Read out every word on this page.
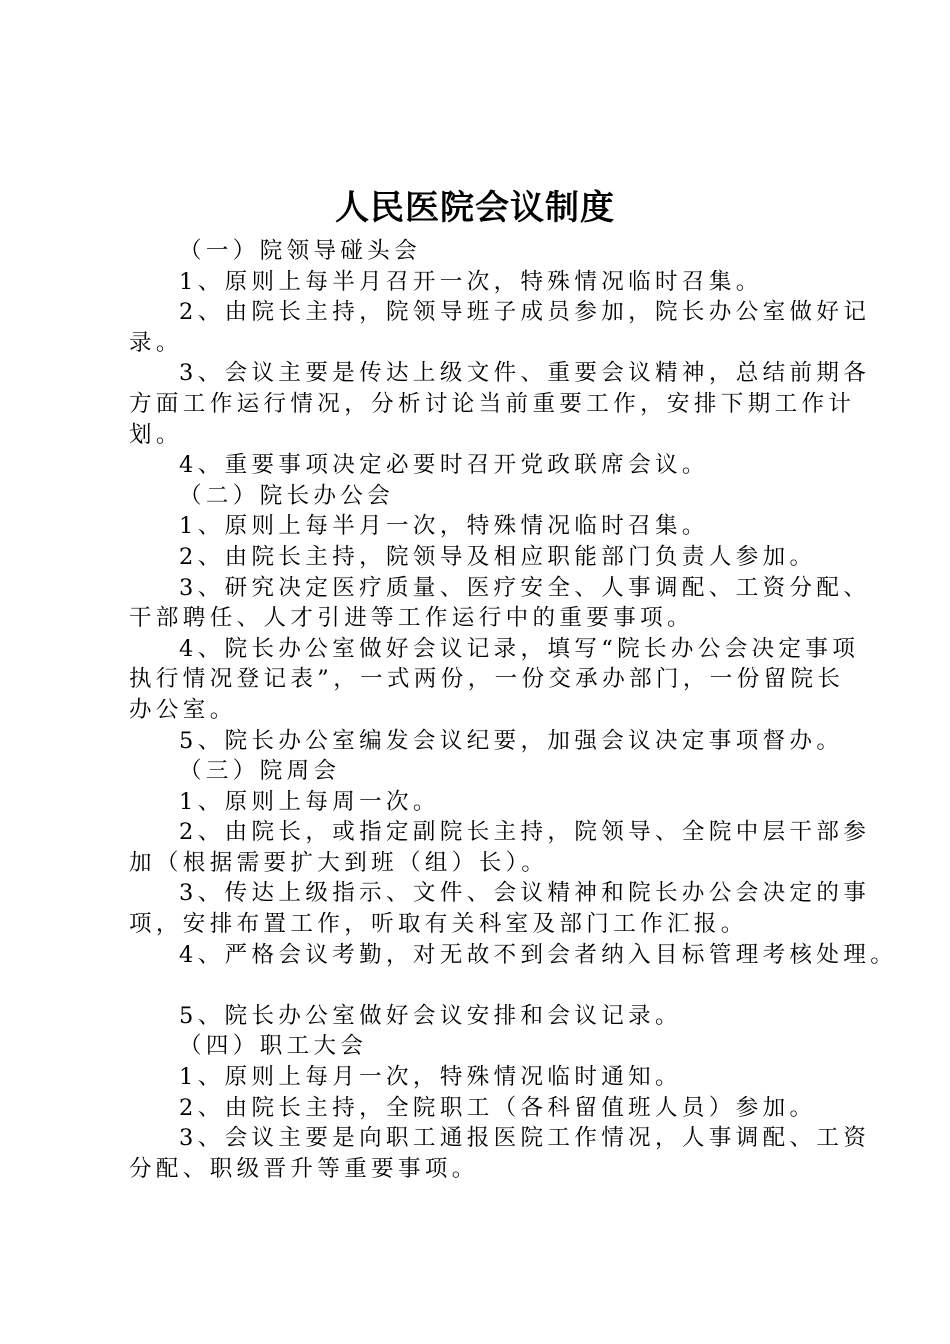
人民医院会议制度
（一）院领导碰头会
1、原则上每半月召开一次，特殊情况临时召集。
2、由院长主持，院领导班子成员参加，院长办公室做好记
录。
3、会议主要是传达上级文件、重要会议精神，总结前期各
方面工作运行情况，分析讨论当前重要工作，安排下期工作计
划。
4、重要事项决定必要时召开党政联席会议。
（二）院长办公会
1、原则上每半月一次，特殊情况临时召集。
2、由院长主持，院领导及相应职能部门负责人参加。
3、研究决定医疗质量、医疗安全、人事调配、工资分配、
干部聘任、人才引进等工作运行中的重要事项。
4、院长办公室做好会议记录，填写“院长办公会决定事项
执行情况登记表”，一式两份，一份交承办部门，一份留院长
办公室。
5、院长办公室编发会议纪要，加强会议决定事项督办。
（三）院周会
1、原则上每周一次。
2、由院长，或指定副院长主持，院领导、全院中层干部参
加（根据需要扩大到班（组）长）。
3、传达上级指示、文件、会议精神和院长办公会决定的事
项，安排布置工作，听取有关科室及部门工作汇报。
4、严格会议考勤，对无故不到会者纳入目标管理考核处理。
5、院长办公室做好会议安排和会议记录。
（四）职工大会
1、原则上每月一次，特殊情况临时通知。
2、由院长主持，全院职工（各科留值班人员）参加。
3、会议主要是向职工通报医院工作情况，人事调配、工资
分配、职级晋升等重要事项。
